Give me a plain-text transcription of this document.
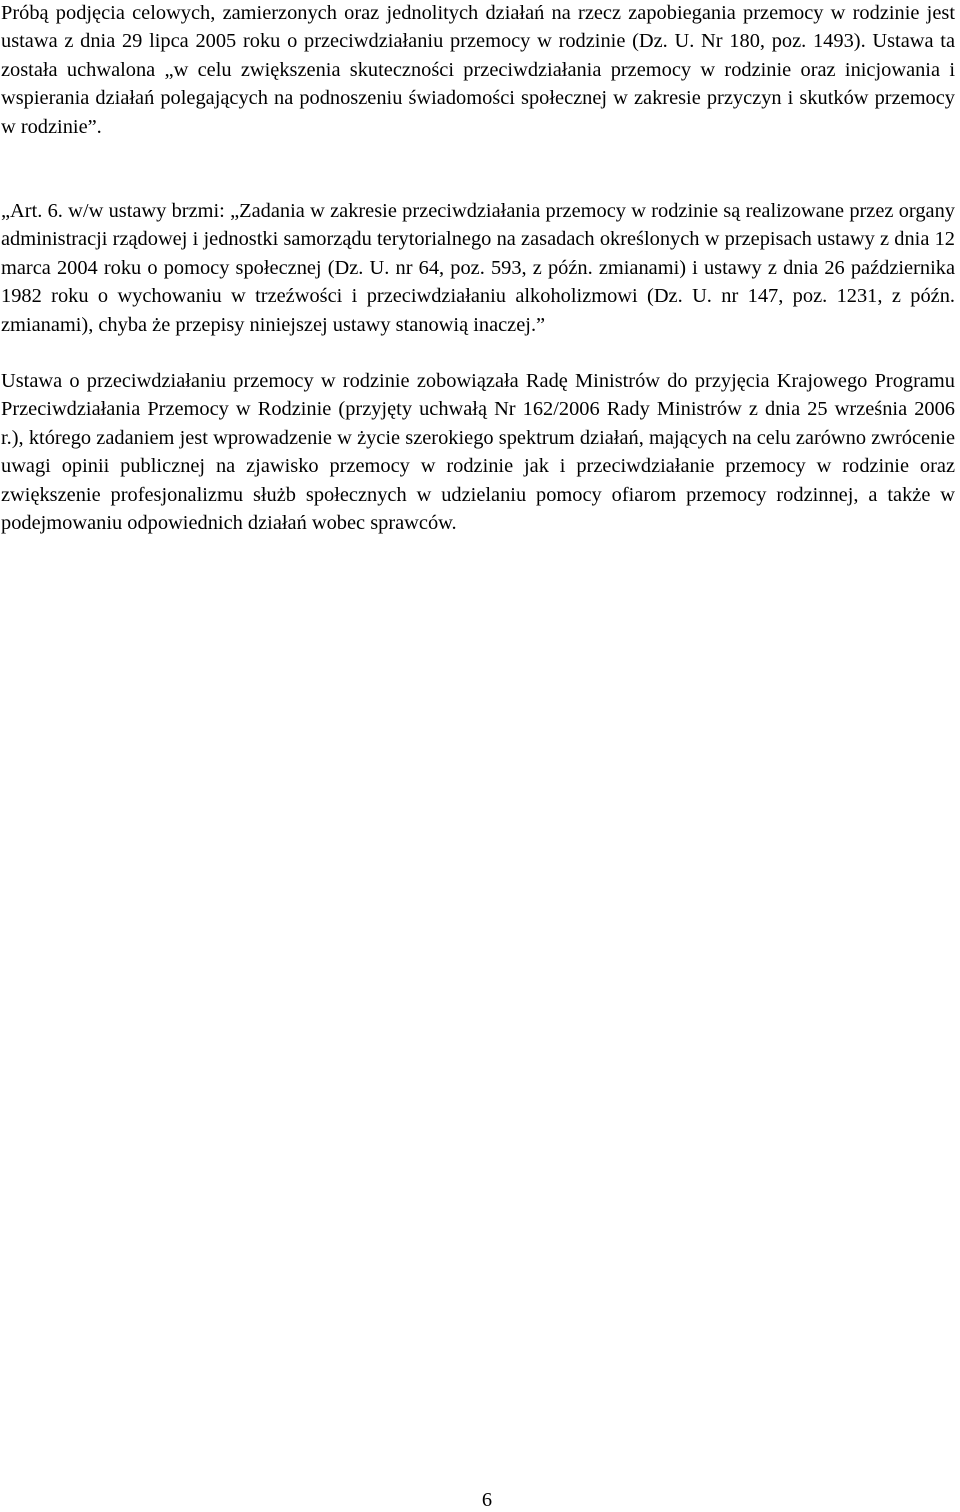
Próbą podjęcia celowych, zamierzonych oraz jednolitych działań na rzecz zapobiegania przemocy w rodzinie jest ustawa z dnia 29 lipca 2005 roku o przeciwdziałaniu przemocy w rodzinie (Dz. U. Nr 180, poz. 1493). Ustawa ta została uchwalona „w celu zwiększenia skuteczności przeciwdziałania przemocy w rodzinie oraz inicjowania i wspierania działań polegających na podnoszeniu świadomości społecznej w zakresie przyczyn i skutków przemocy w rodzinie”.

„Art. 6. w/w ustawy brzmi: „Zadania w zakresie przeciwdziałania przemocy w rodzinie są realizowane przez organy administracji rządowej i jednostki samorządu terytorialnego na zasadach określonych w przepisach ustawy z dnia 12 marca 2004 roku o pomocy społecznej (Dz. U. nr 64, poz. 593, z późn. zmianami) i ustawy z dnia 26 października 1982 roku o wychowaniu w trzeźwości i przeciwdziałaniu alkoholizmowi (Dz. U. nr 147, poz. 1231, z późn. zmianami), chyba że przepisy niniejszej ustawy stanowią inaczej.”

Ustawa o przeciwdziałaniu przemocy w rodzinie zobowiązała Radę Ministrów do przyjęcia Krajowego Programu Przeciwdziałania Przemocy w Rodzinie (przyjęty uchwałą Nr 162/2006 Rady Ministrów z dnia 25 września 2006 r.), którego zadaniem jest wprowadzenie w życie szerokiego spektrum działań, mających na celu zarówno zwrócenie uwagi opinii publicznej na zjawisko przemocy w rodzinie jak i przeciwdziałanie przemocy w rodzinie oraz zwiększenie profesjonalizmu służb społecznych w udzielaniu pomocy ofiarom przemocy rodzinnej, a także w podejmowaniu odpowiednich działań wobec sprawców.

6
